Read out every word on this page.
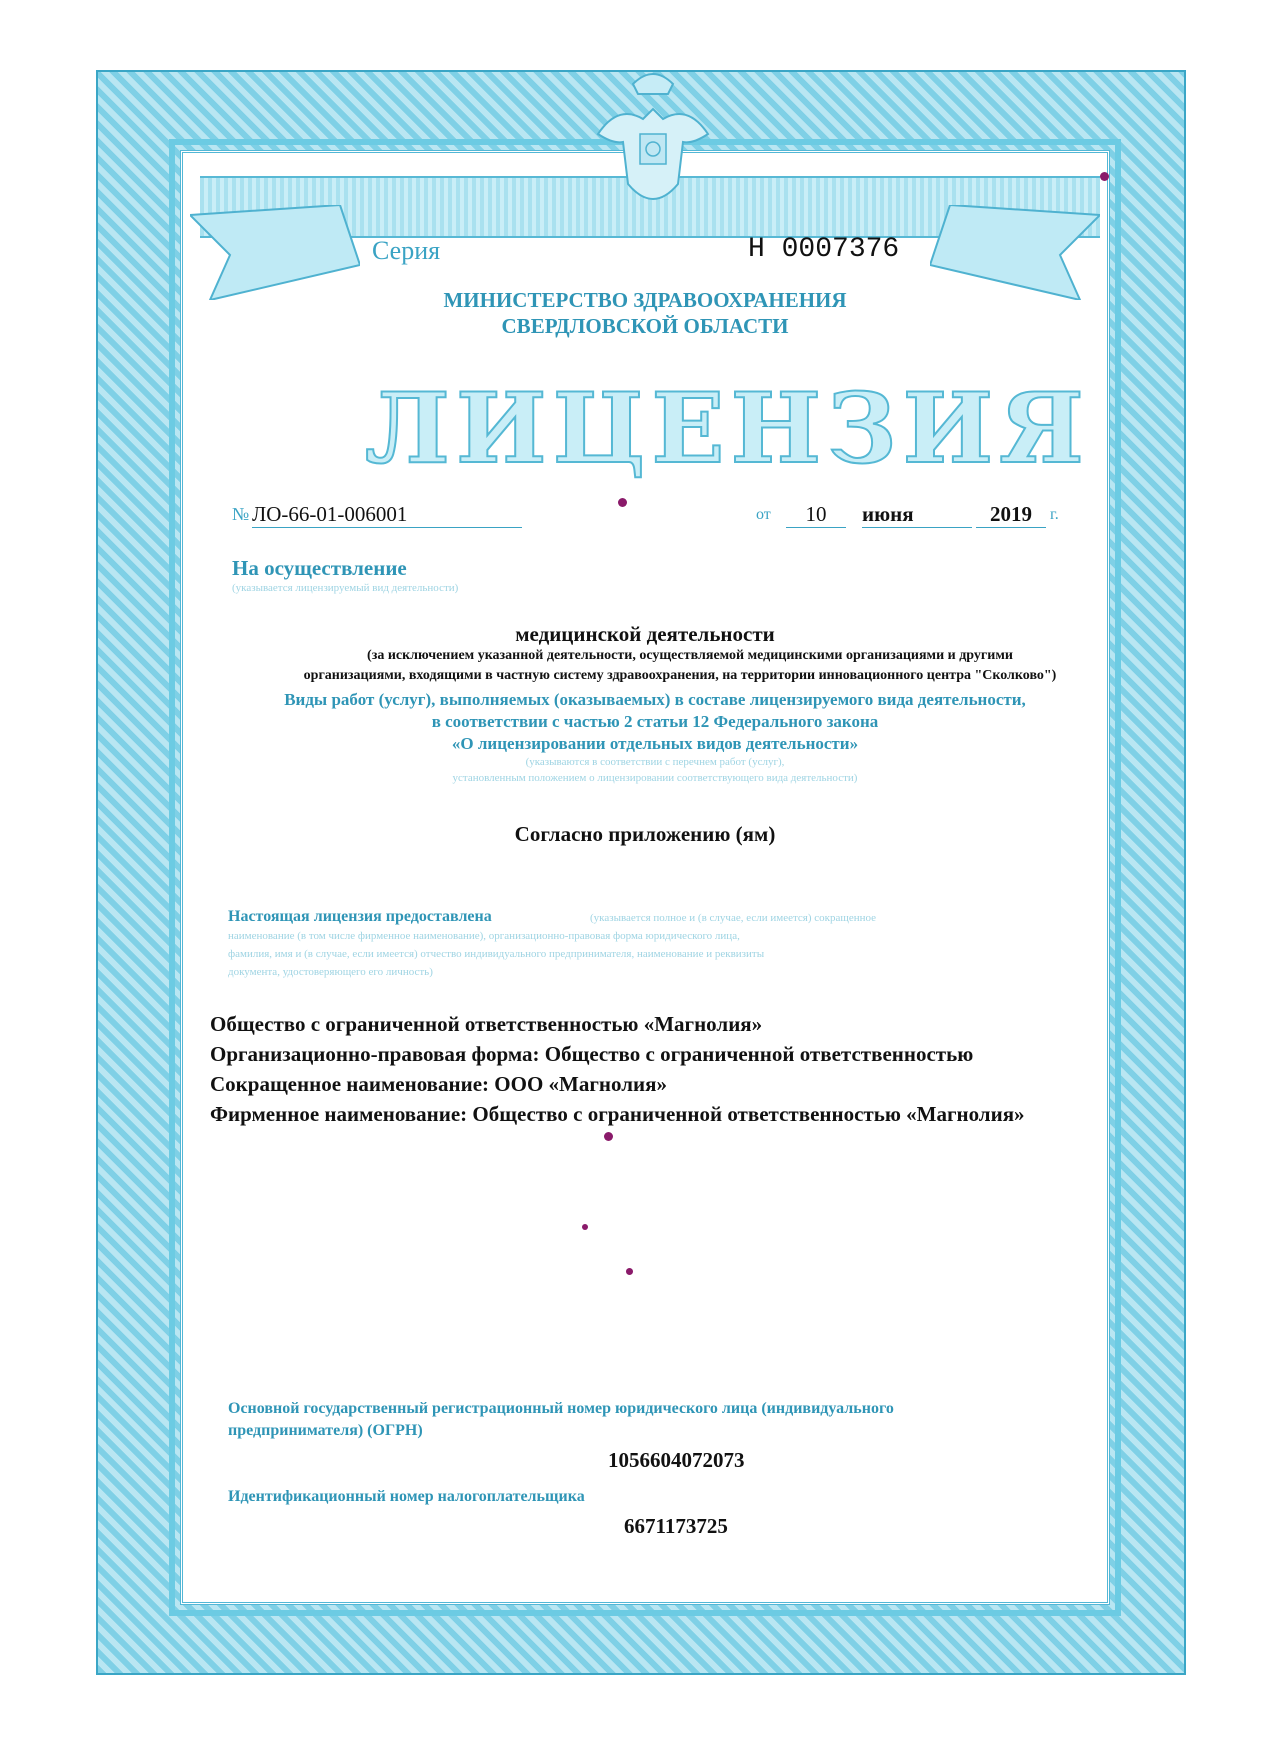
Серия	Н 0007376
МИНИСТЕРСТВО ЗДРАВООХРАНЕНИЯ
СВЕРДЛОВСКОЙ ОБЛАСТИ
ЛИЦЕНЗИЯ
№ ЛО-66-01-006001	от	10	июня	2019	г.
На осуществление
(указывается лицензируемый вид деятельности)
медицинской деятельности
(за исключением указанной деятельности, осуществляемой медицинскими организациями и другими
организациями, входящими в частную систему здравоохранения, на территории инновационного центра "Сколково")
Виды работ (услуг), выполняемых (оказываемых) в составе лицензируемого вида деятельности,
в соответствии с частью 2 статьи 12 Федерального закона
«О лицензировании отдельных видов деятельности»
(указываются в соответствии с перечнем работ (услуг),
установленным положением о лицензировании соответствующего вида деятельности)
Согласно приложению (ям)
Настоящая лицензия предоставлена	(указывается полное и (в случае, если имеется) сокращенное
наименование (в том числе фирменное наименование), организационно-правовая форма юридического лица,
фамилия, имя и (в случае, если имеется) отчество индивидуального предпринимателя, наименование и реквизиты
документа, удостоверяющего его личность)
Общество с ограниченной ответственностью «Магнолия»
Организационно-правовая форма: Общество с ограниченной ответственностью
Сокращенное наименование: ООО «Магнолия»
Фирменное наименование: Общество с ограниченной ответственностью «Магнолия»
Основной государственный регистрационный номер юридического лица (индивидуального
предпринимателя) (ОГРН)
1056604072073
Идентификационный номер налогоплательщика
6671173725
